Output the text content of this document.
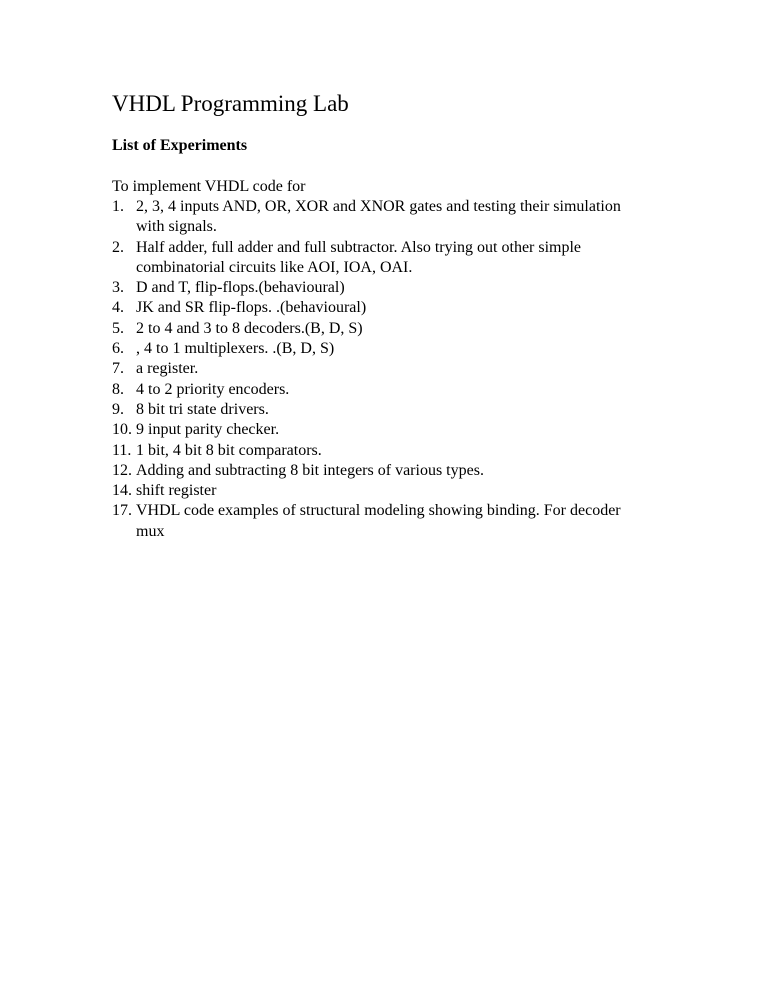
VHDL Programming Lab
List of Experiments

To implement VHDL code for

1. 2, 3, 4 inputs AND, OR, XOR and XNOR gates and testing their simulation with signals.
2. Half adder, full adder and full subtractor. Also trying out other simple combinatorial circuits like AOI, IOA, OAI.
3. D and T, flip-flops.(behavioural)
4. JK and SR flip-flops. .(behavioural)
5. 2 to 4 and 3 to 8 decoders.(B, D, S)
6. , 4 to 1 multiplexers. .(B, D, S)
7. a register.
8. 4 to 2 priority encoders.
9. 8 bit tri state drivers.
10. 9 input parity checker.
11. 1 bit, 4 bit 8 bit comparators.
12. Adding and subtracting 8 bit integers of various types.
14. shift register
17. VHDL code examples of structural modeling showing binding. For decoder mux
